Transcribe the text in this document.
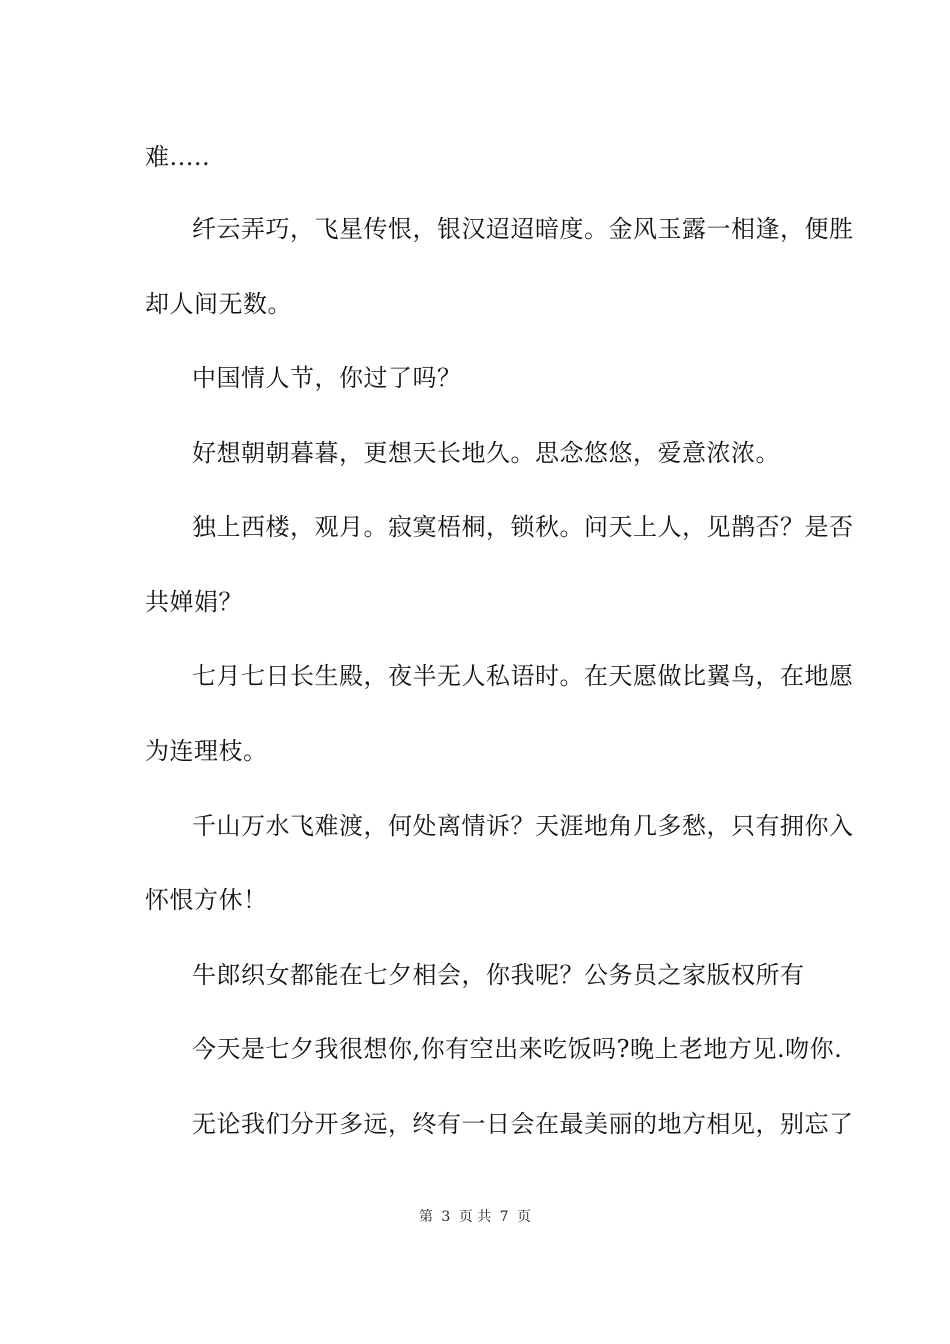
难.....
纤云弄巧，飞星传恨，银汉迢迢暗度。金风玉露一相逢，便胜
却人间无数。
中国情人节，你过了吗？
好想朝朝暮暮，更想天长地久。思念悠悠，爱意浓浓。
独上西楼，观月。寂寞梧桐，锁秋。问天上人，见鹊否？是否
共婵娟？
七月七日长生殿，夜半无人私语时。在天愿做比翼鸟，在地愿
为连理枝。
千山万水飞难渡，何处离情诉？天涯地角几多愁，只有拥你入
怀恨方休！
牛郎织女都能在七夕相会，你我呢？公务员之家版权所有
今天是七夕我很想你,你有空出来吃饭吗?晚上老地方见.吻你.
无论我们分开多远，终有一日会在最美丽的地方相见，别忘了
第 3 页 共 7 页
